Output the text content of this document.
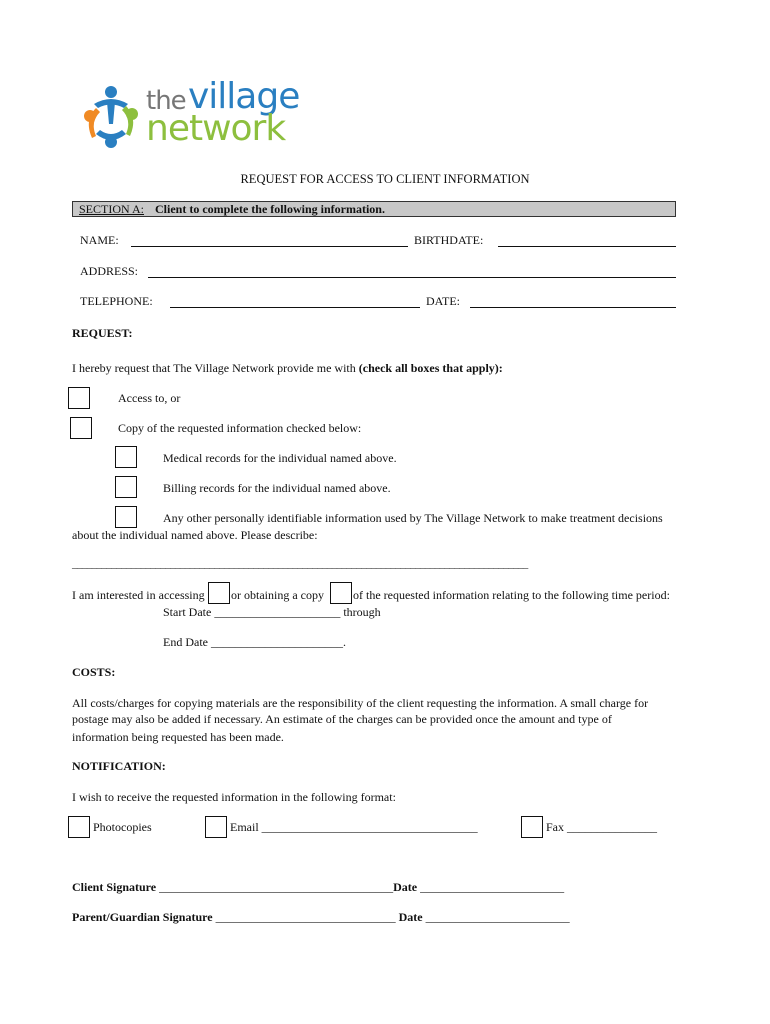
the village
network
REQUEST FOR ACCESS TO CLIENT INFORMATION
SECTION A: Client to complete the following information.
NAME:	BIRTHDATE:
ADDRESS:
TELEPHONE:	DATE:
REQUEST:
I hereby request that The Village Network provide me with (check all boxes that apply):
Access to, or
Copy of the requested information checked below:
Medical records for the individual named above.
Billing records for the individual named above.
Any other personally identifiable information used by The Village Network to make treatment decisions
about the individual named above. Please describe:
_____________________________________________________________________________________________
I am interested in accessing or obtaining a copy of the requested information relating to the following time period:
Start Date _____________________ through
End Date ______________________.
COSTS:
All costs/charges for copying materials are the responsibility of the client requesting the information. A small charge for
postage may also be added if necessary. An estimate of the charges can be provided once the amount and type of
information being requested has been made.
NOTIFICATION:
I wish to receive the requested information in the following format:
Photocopies	Email ____________________________________	Fax _______________
Client Signature _______________________________________Date ________________________
Parent/Guardian Signature ______________________________ Date ________________________
